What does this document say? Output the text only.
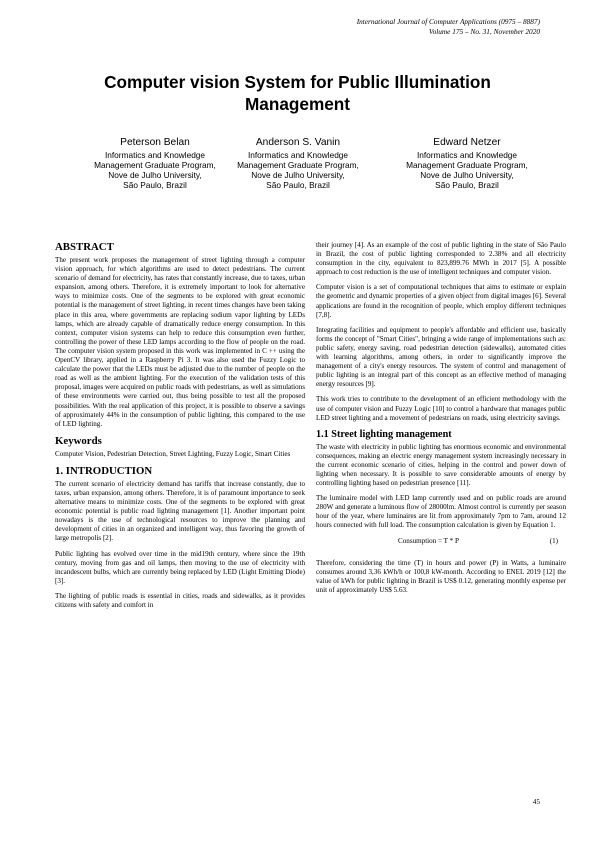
International Journal of Computer Applications (0975 – 8887)
Volume 175 – No. 31, November 2020
Computer vision System for Public Illumination
Management
Peterson Belan
Informatics and Knowledge
Management Graduate Program,
Nove de Julho University,
São Paulo, Brazil
Anderson S. Vanin
Informatics and Knowledge
Management Graduate Program,
Nove de Julho University,
São Paulo, Brazil
Edward Netzer
Informatics and Knowledge
Management Graduate Program,
Nove de Julho University,
São Paulo, Brazil
ABSTRACT

The present work proposes the management of street lighting through a computer vision approach, for which algorithms are used to detect pedestrians. The current scenario of demand for electricity, has rates that constantly increase, due to taxes, urban expansion, among others. Therefore, it is extremely important to look for alternative ways to minimize costs. One of the segments to be explored with great economic potential is the management of street lighting, in recent times changes have been taking place in this area, where governments are replacing sodium vapor lighting by LEDs lamps, which are already capable of dramatically reduce energy consumption. In this context, computer vision systems can help to reduce this consumption even further, controlling the power of these LED lamps according to the flow of people on the road. The computer vision system proposed in this work was implemented in C ++ using the OpenCV library, applied in a Raspberry Pi 3. It was also used the Fuzzy Logic to calculate the power that the LEDs must be adjusted due to the number of people on the road as well as the ambient lighting. For the execution of the validation tests of this proposal, images were acquired on public roads with pedestrians, as well as simulations of these environments were carried out, thus being possible to test all the proposed possibilities. With the real application of this project, it is possible to observe a savings of approximately 44% in the consumption of public lighting, this compared to the use of LED lighting.

Keywords

Computer Vision, Pedestrian Detection, Street Lighting, Fuzzy Logic, Smart Cities

1. INTRODUCTION

The current scenario of electricity demand has tariffs that increase constantly, due to taxes, urban expansion, among others. Therefore, it is of paramount importance to seek alternative means to minimize costs. One of the segments to be explored with great economic potential is public road lighting management [1]. Another important point nowadays is the use of technological resources to improve the planning and development of cities in an organized and intelligent way, thus favoring the growth of large metropolis [2].

Public lighting has evolved over time in the mid19th century, where since the 19th century, moving from gas and oil lamps, then moving to the use of electricity with incandescent bulbs, which are currently being replaced by LED (Light Emitting Diode) [3].

The lighting of public roads is essential in cities, roads and sidewalks, as it provides citizens with safety and comfort in

their journey [4]. As an example of the cost of public lighting in the state of São Paulo in Brazil, the cost of public lighting corresponded to 2.38% and all electricity consumption in the city, equivalent to 823,899.76 MWh in 2017 [5]. A possible approach to cost reduction is the use of intelligent techniques and computer vision.

Computer vision is a set of computational techniques that aims to estimate or explain the geometric and dynamic properties of a given object from digital images [6]. Several applications are found in the recognition of people, which employ different techniques [7,8].

Integrating facilities and equipment to people's affordable and efficient use, basically forms the concept of "Smart Cities", bringing a wide range of implementations such as: public safety, energy saving, road pedestrian detection (sidewalks), automated cities with learning algorithms, among others, in order to significantly improve the management of a city's energy resources. The system of control and management of public lighting is an integral part of this concept as an effective method of managing energy resources [9].

This work tries to contribute to the development of an efficient methodology with the use of computer vision and Fuzzy Logic [10] to control a hardware that manages public LED street lighting and a movement of pedestrians on roads, using electricity savings.

1.1 Street lighting management

The waste with electricity in public lighting has enormous economic and environmental consequences, making an electric energy management system increasingly necessary in the current economic scenario of cities, helping in the control and power down of lighting when necessary. It is possible to save considerable amounts of energy by controlling lighting based on pedestrian presence [11].

The luminaire model with LED lamp currently used and on public roads are around 280W and generate a luminous flow of 28000lm. Almost control is currently per season hour of the year, where luminaires are lit from approximately 7pm to 7am, around 12 hours connected with full load. The consumption calculation is given by Equation 1.

Consumption = T * P	(1)

Therefore, considering the time (T) in hours and power (P) in Watts, a luminaire consumes around 3,36 kWh/h or 100,8 kW-month. According to ENEL 2019 [12] the value of kWh for public lighting in Brazil is US$ 0.12, generating monthly expense per unit of approximately US$ 5.63.

45
